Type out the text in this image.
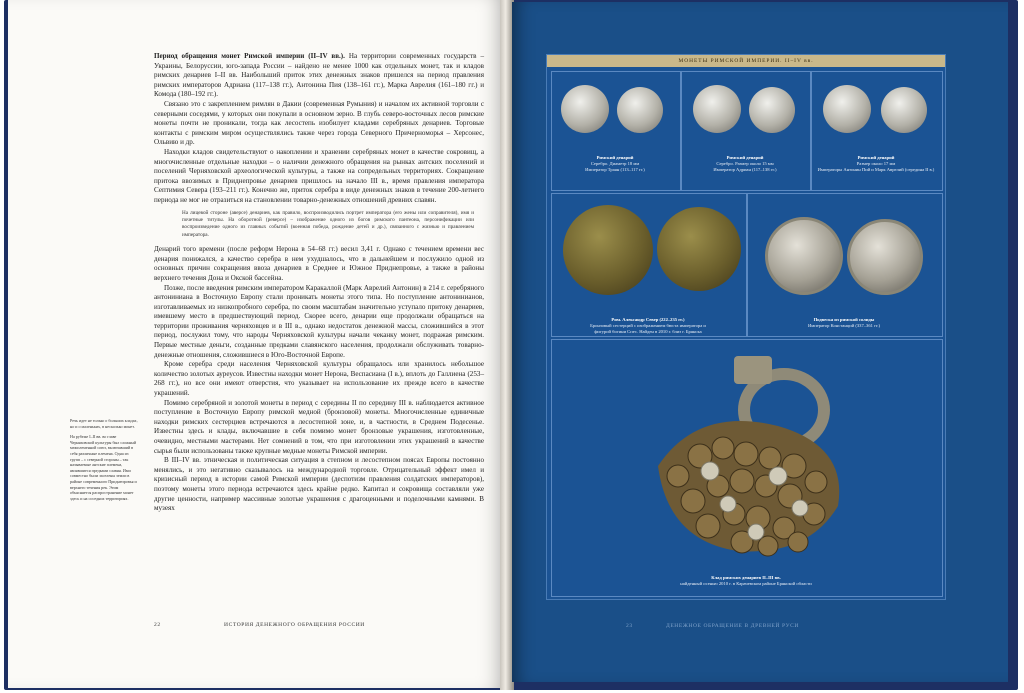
Период обращения монет Римской империи (II–IV вв.). На территории современных государств – Украины, Белоруссии, юго-запада России – найдено не менее 1000 как отдельных монет, так и кладов римских денариев I–II вв. Наибольший приток этих денежных знаков пришелся на период правления римских императоров Адриана (117–138 гг.), Антонина Пия (138–161 гг.), Марка Аврелия (161–180 гг.) и Комода (180–192 гг.).

Связано это с закреплением римлян в Дакии (современная Румыния) и началом их активной торговли с северными соседями, у которых они покупали в основном зерно. В глубь северо-восточных лесов римские монеты почти не проникали, тогда как лесостепь изобилует кладами серебряных денариев. Торговые контакты с римским миром осуществлялись также через города Северного Причерноморья – Херсонес, Ольвию и др.

Находки кладов свидетельствуют о накоплении и хранении серебряных монет в качестве сокровищ, а многочисленные отдельные находки – о наличии денежного обращения на рынках антских поселений и поселений Черняховской археологической культуры, а также на сопредельных территориях. Сокращение притока ввозимых в Приднепровье денариев пришлось на начало III в., время правления императора Септимия Севера (193–211 гг.). Конечно же, приток серебра в виде денежных знаков в течение 200-летнего периода не мог не отразиться на становлении товарно-денежных отношений древних славян.

На лицевой стороне (аверсе) денариев, как правило, воспроизводились портрет императора (его жены или соправителя), имя и почетные титулы. На оборотной (реверсе) – изображение одного из богов римского пантеона, персонификации или воспроизведение одного из главных событий (военная победа, рождение детей и др.), связанного с жизнью и правлением императора.

Денарий того времени (после реформ Нерона в 54–68 гг.) весил 3,41 г. Однако с течением времени вес денария понижался, а качество серебра в нем ухудшалось, что в дальнейшем и послужило одной из основных причин сокращения ввоза денариев в Среднее и Южное Приднепровье, а также в районы верхнего течения Дона и Окской бассейна.

Позже, после введения римским императором Каракаллой (Марк Аврелий Антонин) в 214 г. серебряного антониниана в Восточную Европу стали проникать монеты этого типа. Но поступление антонинианов, изготавливаемых из низкопробного серебра, по своим масштабам значительно уступало притоку денариев, имевшему место в предшествующий период. Скорее всего, денарии еще продолжали обращаться на территории проживания черняховцев и в III в., однако недостаток денежной массы, сложившийся в этот период, послужил тому, что народы Черняховской культуры начали чеканку монет, подражая римским. Первые местные деньги, созданные предками славянского населения, продолжали обслуживать товарно-денежные отношения, сложившиеся в Юго-Восточной Европе.

Кроме серебра среди населения Черняховской культуры обращалось или хранилось небольшое количество золотых ауреусов. Известны находки монет Нерона, Веспасиана (I в.), вплоть до Галлиена (253–268 гг.), но все они имеют отверстия, что указывает на использование их прежде всего в качестве украшений.

Помимо серебряной и золотой монеты в период с середины II по середину III в. наблюдается активное поступление в Восточную Европу римской медной (бронзовой) монеты. Многочисленные единичные находки римских сестерциев встречаются в лесостепной зоне, и, в частности, в Среднем Подесенье. Известны здесь и клады, включавшие в себя помимо монет бронзовые украшения, изготовленные, очевидно, местными мастерами. Нет сомнений в том, что при изготовлении этих украшений в качестве сырья были использованы также крупные медные монеты Римской империи.

В III–IV вв. этническая и политическая ситуация в степном и лесостепном поясах Европы постоянно менялись, и это негативно сказывалось на международной торговле. Отрицательный эффект имел и кризисный период в истории самой Римской империи (деспотизм правления солдатских императоров), поэтому монеты этого периода встречаются здесь крайне редко. Капитал и сокровища составляли уже другие ценности, например массивные золотые украшения с драгоценными и поделочными камнями. В музеях

Речь идет не только о больших кладах, но и о маленьких, в несколько монет.
На рубеже I–II вв. во главе Черняховской культуры был сложный межплеменной союз, включавший в себя различные племена. Одна из групп – с северной стороны – так называемые антские племена, являвшиеся предками славян. Ими совместно были заселены земли в районе современного Приднепровья и верхнего течения рек. Этим объясняется распространение монет здесь и на соседних территориях.
22	ИСТОРИЯ ДЕНЕЖНОГО ОБРАЩЕНИЯ РОССИИ
МОНЕТЫ РИМСКОЙ ИМПЕРИИ. II–IV вв.
Римский денарий
Серебро. Диаметр 18 мм
Император Траян (113–117 гг.)
Римский денарий
Серебро. Размер около 15 мм
Император Адриан (117–138 гг.)
Римский денарий
Размер около 17 мм
Императоры Антонин Пий и Марк Аврелий (середина II в.)
Рим. Александр Север (222–235 гг.)
Бронзовый сестерций с изображением бюста императора и
фигурой богини Спес. Найден в 2010 г. близ г. Брянска
Подвеска из римской солиды
Император Констанций (337–361 гг.)
Клад римских денариев II–III вв.
найденный осенью 2010 г. в Карачевском районе Брянской области
23	ДЕНЕЖНОЕ ОБРАЩЕНИЕ В ДРЕВНЕЙ РУСИ
